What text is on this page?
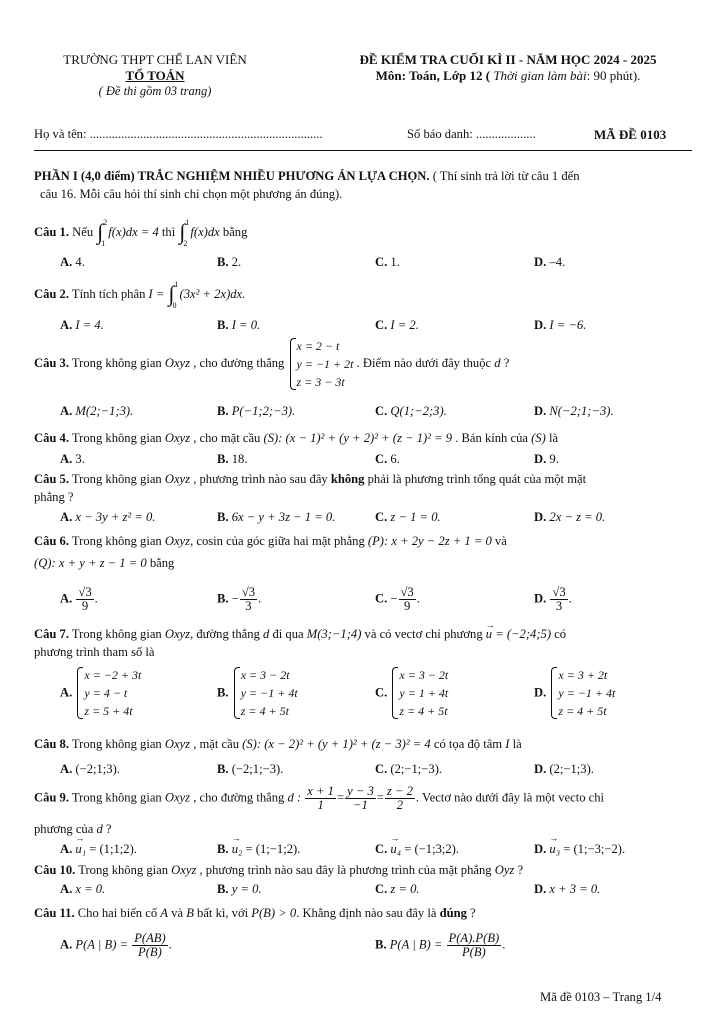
TRƯỜNG THPT CHẾ LAN VIÊN
TỔ TOÁN
( Đề thi gồm 03 trang)
ĐỀ KIỂM TRA CUỐI KÌ II - NĂM HỌC 2024 - 2025
Môn: Toán, Lớp 12 ( Thời gian làm bài: 90 phút).
Họ và tên: ..........................................................................	Số báo danh: ...................	MÃ ĐỀ 0103
PHẦN I (4,0 điểm) TRẮC NGHIỆM NHIỀU PHƯƠNG ÁN LỰA CHỌN. ( Thí sinh trả lời từ câu 1 đến
câu 16. Mỗi câu hỏi thí sinh chỉ chọn một phương án đúng).
Câu 1. Nếu ∫ 2
1
f(x)dx = 4 thì ∫ 1
2
f(x)dx bằng
A. 4.	B. 2.	C. 1.	D. –4.
Câu 2. Tính tích phân I = ∫ 1
0
(3x² + 2x)dx.
A. I = 4.	B. I = 0.	C. I = 2.	D. I = −6.
Câu 3. Trong không gian Oxyz , cho đường thẳng
x = 2 − t
y = −1 + 2t
z = 3 − 3t
. Điểm nào dưới đây thuộc d ?
A. M(2;−1;3).	B. P(−1;2;−3).	C. Q(1;−2;3).	D. N(−2;1;−3).
Câu 4. Trong không gian Oxyz , cho mặt cầu (S): (x − 1)² + (y + 2)² + (z − 1)² = 9 . Bán kính của (S) là
A. 3.	B. 18.	C. 6.	D. 9.
Câu 5. Trong không gian Oxyz , phương trình nào sau đây không phải là phương trình tổng quát của một mặt
phẳng ?
A. x − 3y + z² = 0.	B. 6x − y + 3z − 1 = 0.	C. z − 1 = 0.	D. 2x − z = 0.
Câu 6. Trong không gian Oxyz, cosin của góc giữa hai mặt phẳng (P): x + 2y − 2z + 1 = 0 và
(Q): x + y + z − 1 = 0 bằng
A. $\frac{√3}{9}$ .	B. − $\frac{√3}{3}$ .	C. − $\frac{√3}{9}$ .	D. $\frac{√3}{3}$ .
Câu 7. Trong không gian Oxyz, đường thẳng d đi qua M(3;−1;4) và có vectơ chỉ phương → u = (−2;4;5) có
phương trình tham số là
A.
x = −2 + 3t
y = 4 − t
z = 5 + 4t
B.
x = 3 − 2t
y = −1 + 4t
z = 4 + 5t
C.
x = 3 − 2t
y = 1 + 4t
z = 4 + 5t
D.
x = 3 + 2t
y = −1 + 4t
z = 4 + 5t
Câu 8. Trong không gian Oxyz , mặt cầu (S): (x − 2)² + (y + 1)² + (z − 3)² = 4 có tọa độ tâm I là
A. (−2;1;3).	B. (−2;1;−3).	C. (2;−1;−3).	D. (2;−1;3).
Câu 9. Trong không gian Oxyz , cho đường thẳng d : $\frac{x + 1}{1} = \frac{y - 3}{-1} = \frac{z - 2}{2}$ . Vectơ nào dưới đây là một vecto chỉ
phương của d ?
A. → u₁ = (1;1;2).	B. → u₂ = (1;−1;2).	C. → u₄ = (−1;3;2).	D. → u₃ = (1;−3;−2).
Câu 10. Trong không gian Oxyz , phương trình nào sau đây là phương trình của mặt phẳng Oyz ?
A. x = 0.	B. y = 0.	C. z = 0.	D. x + 3 = 0.
Câu 11. Cho hai biến cố A và B bất kì, với P(B) > 0. Khẳng định nào sau đây là đúng ?
A. P(A | $B) = \frac{P(AB)}{P(B)}$ .	B. P(A | $B) = \frac{P(A).P(B)}{P(B)}$ .
Mã đề 0103 – Trang 1/4
